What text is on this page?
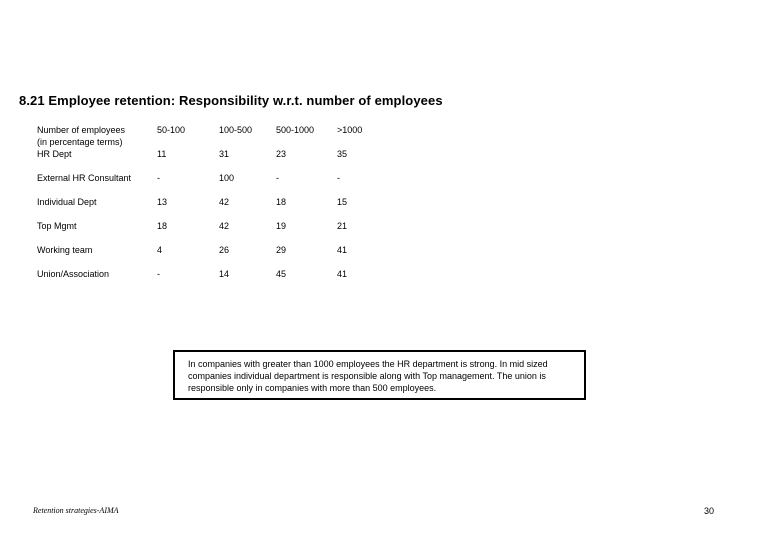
8.21 Employee retention: Responsibility w.r.t. number of employees
Number of employees	50-100	100-500	500-1000	>1000
(in percentage terms)
HR Dept	11	31	23	35
External HR Consultant	-	100	-	-
Individual Dept	13	42	18	15
Top Mgmt	18	42	19	21
Working team	4	26	29	41
Union/Association	-	14	45	41
In companies with greater than 1000 employees the HR department is strong. In mid sized
companies individual department is responsible along with Top management. The union is
responsible only in companies with more than 500 employees.
Retention strategies-AIMA	30
